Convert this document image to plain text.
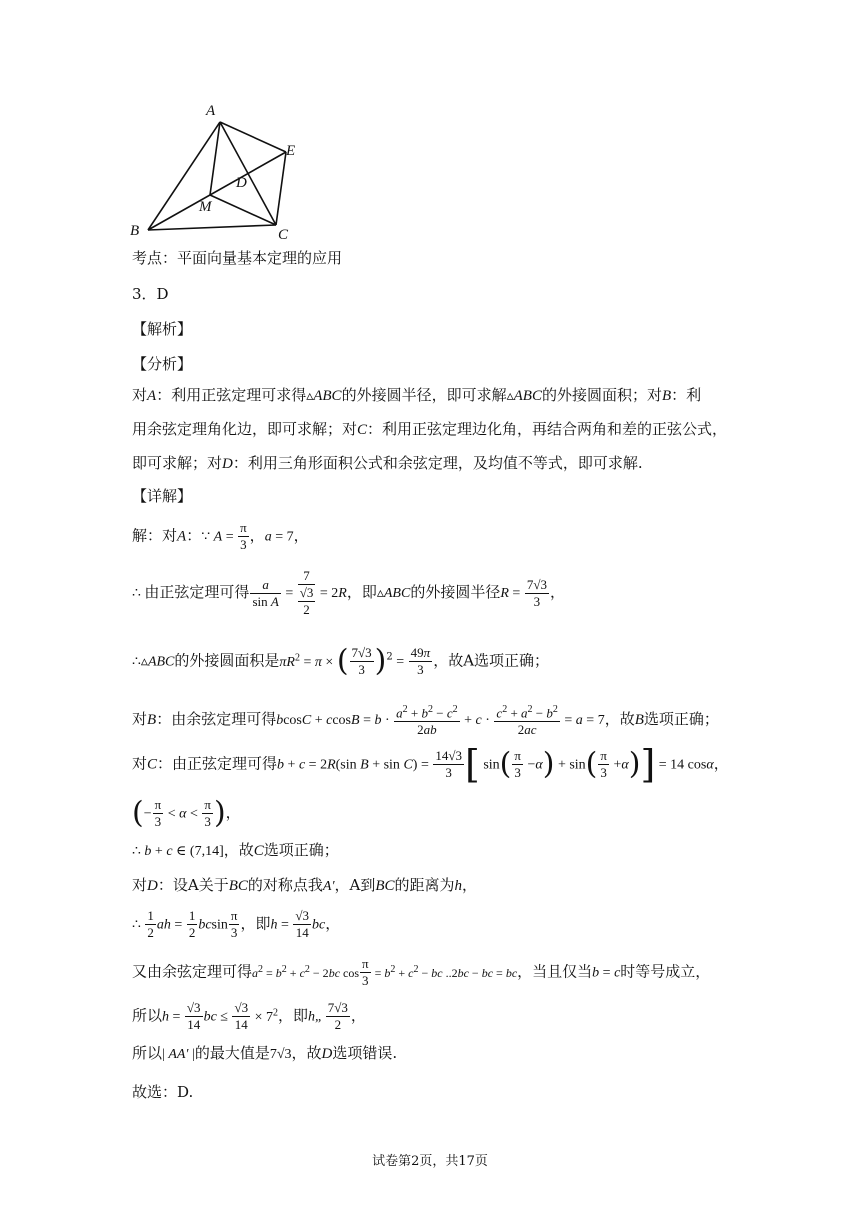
A
E
D
M
B	C
考点：平面向量基本定理的应用
3．D
【解析】
【分析】
对A：利用正弦定理可求得▵ABC的外接圆半径，即可求解▵ABC的外接圆面积；对B：利
用余弦定理角化边，即可求解；对C：利用正弦定理边化角，再结合两角和差的正弦公式，
即可求解；对D：利用三角形面积公式和余弦定理，及均值不等式，即可求解.
【详解】
解：对A：∵ $A = \frac{\pi}{3}$ ，a = 7，
∴ 由正弦定理可得 $\frac{a}{\text{sin A}}$ =
7
√3
2
= 2R，即▵ABC的外接圆半径$R = \frac{7√3}{3}$ ，
∴▵ABC的外接圆面积是$\pi R^2 = \pi$ × ( $\frac{7√3}{3} )^2 = \frac{49\pi}{3}$ ，故A选项正确；
对B：由余弦定理可得$bcosC + ccosB = b \cdot \frac{a^2 + b^2 - c^2}{2ab} + c \cdot \frac{c^2 + a^2 - b^2}{2ac} = a = 7$，故B选项正确；
对C：由正弦定理可得b + c = 2R(sin $B + \sin C) = \frac{14√3}{3}$ [ $\sin( \frac{\pi}{3} -\alpha) + \sin( \frac{\pi}{3} +\alpha)] = 14$ cosα，
(− $\frac{\pi}{3} < \alpha < \frac{\pi}{3}$ )，
∴ b + c ∈ (7,14]，故C选项正确；
对D：设A关于BC的对称点我A′，A到BC的距离为h，
∴ $\frac{1}{2}$ ah = $\frac{1}{2}$ bcsin $\frac{\pi}{3}$ ，即$h = \frac{√3}{14}$ bc，
又由余弦定理可得$a^2 = b^2 + c^2 - 2bc$ $\cos \frac{\pi}{3} = b^2 + c^2$ − bc ..2bc − bc = bc，当且仅当b = c时等号成立，
所以$h = \frac{√3}{14}$ bc ≤ $\frac{√3}{14} \times 7^2$，即h„ $\frac{7√3}{2}$ ，
所以| AA′ |的最大值是7√3，故D选项错误.
故选：D.
试卷第2页，共17页
